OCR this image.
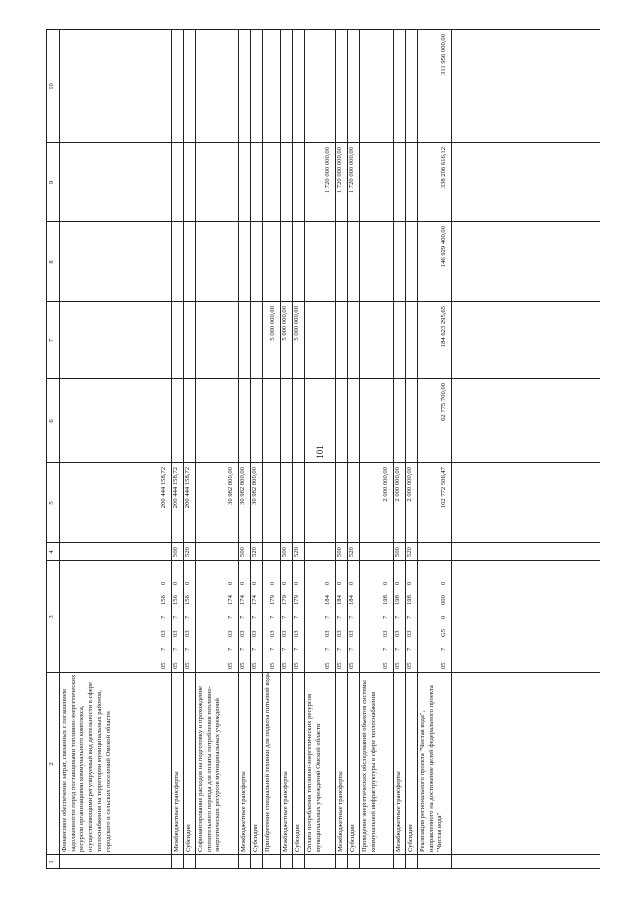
101
1
2
3
4
5
6
7
8
9
10
Финансовое обеспечение затрат, связанных с погашением задолженности перед поставщиками топливно-энергетических ресурсов организациями коммунального комплекса, осуществляющими регулируемый вид деятельности в сфере теплоснабжения на территории муниципальных районов, городского и сельских поселений Омской области
05
7
03
7
156
0
200 444 158,72
Межбюджетные трансферты
05
7
03
7
156
0
500
200 444 158,72
Субсидии
05
7
03
7
156
0
520
200 444 158,72
Софинансирование расходов на подготовку и прохождение отопительного периода для оплаты потребления топливно-энергетических ресурсов муниципальных учреждений
05
7
03
7
174
0
30 982 800,00
Межбюджетные трансферты
05
7
03
7
174
0
500
30 982 800,00
Субсидии
05
7
03
7
174
0
520
30 982 800,00
Приобретение специальной техники для подвоза питьевой воды
05
7
03
7
179
0
5 000 000,00
Межбюджетные трансферты
05
7
03
7
179
0
500
5 000 000,00
Субсидии
05
7
03
7
179
0
520
5 000 000,00
Оплата потребления топливно-энергетических ресурсов муниципальных учреждений Омской области
05
7
03
7
184
0
1 720 000 000,00
Межбюджетные трансферты
05
7
03
7
184
0
500
1 720 000 000,00
Субсидии
05
7
03
7
184
0
520
1 720 000 000,00
Проведение энергетических обследований объектов системы коммунальной инфраструктуры в сфере теплоснабжения
05
7
03
7
198
0
2 000 000,00
Межбюджетные трансферты
05
7
03
7
198
0
500
2 000 000,00
Субсидии
05
7
03
7
198
0
520
2 000 000,00
Реализация регионального проекта "Чистая вода", направленного на достижение целей федерального проекта "Чистая вода"
05
7
G5
0
000
0
102 772 506,47
62 775 700,00
184 623 295,65
146 929 400,00
338 206 616,12
311 956 000,00
